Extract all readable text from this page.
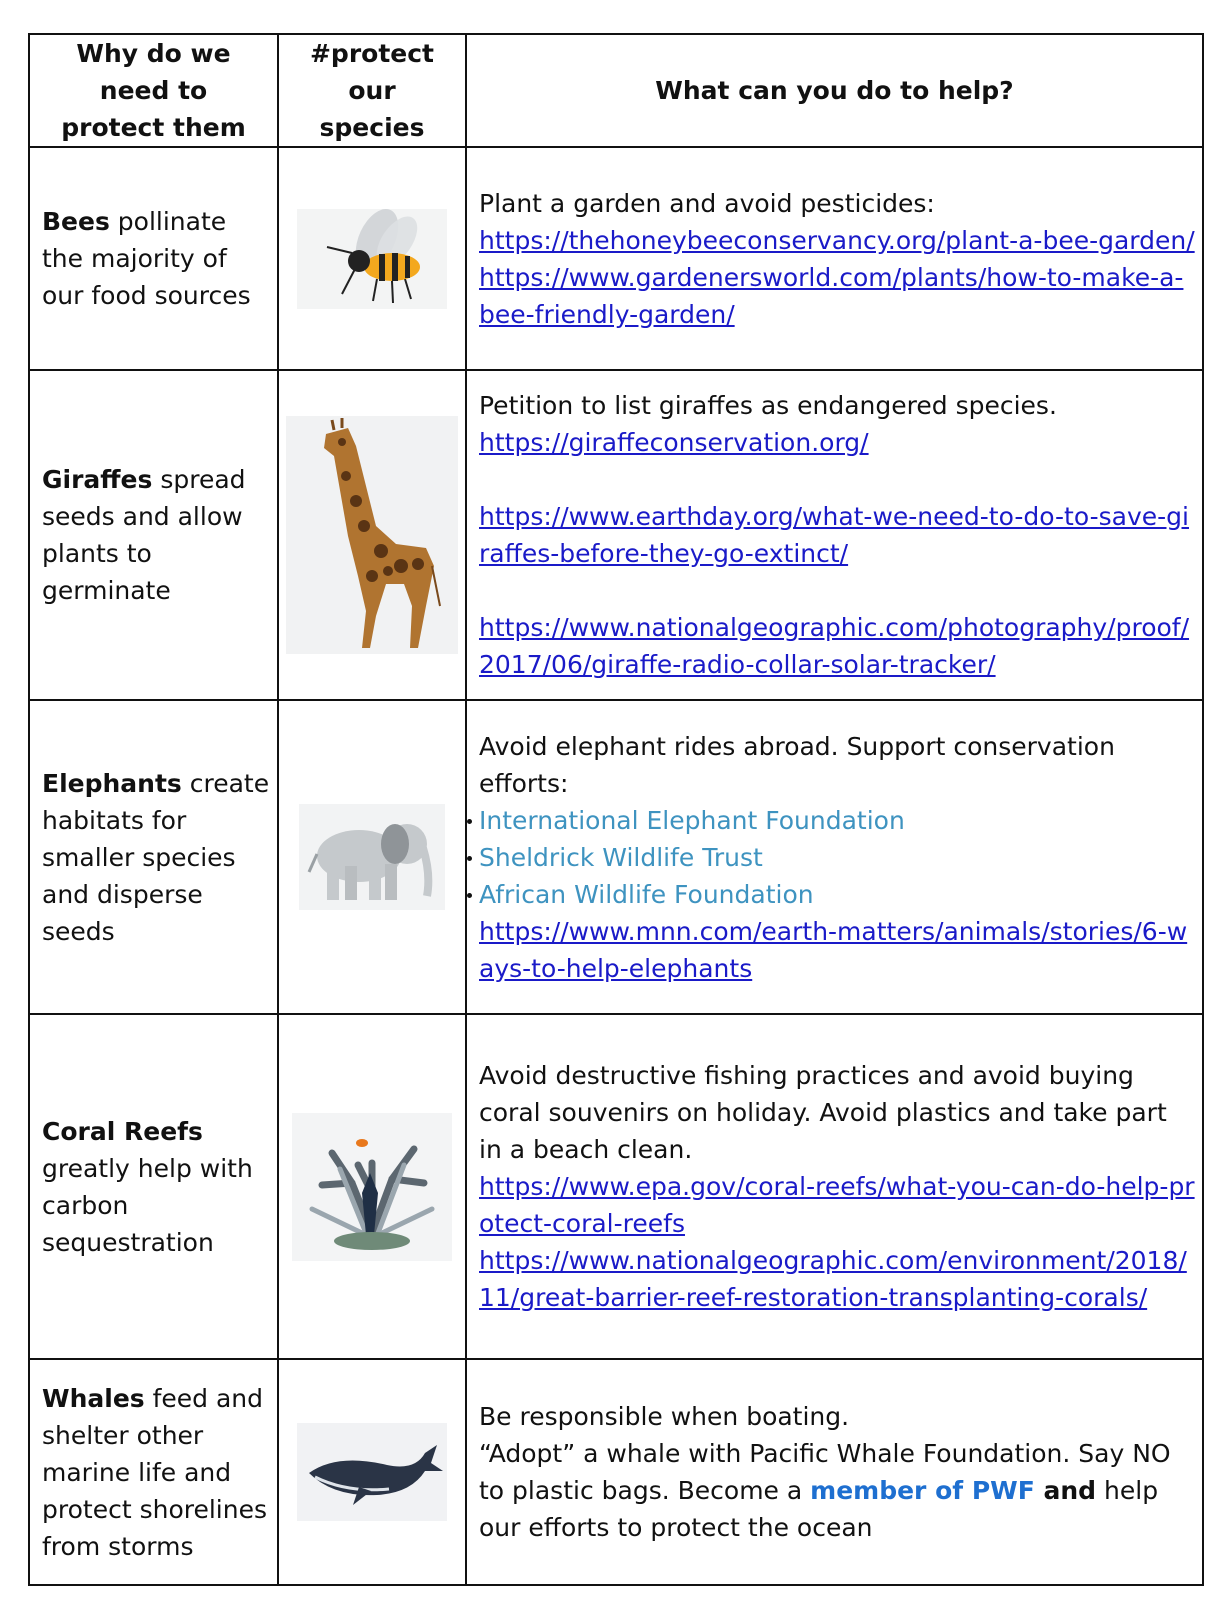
Why do we need to protect them	#protect our species	What can you do to help?
Bees pollinate the majority of our food sources		Plant a garden and avoid pesticides:
https://thehoneybeeconservancy.org/plant-a-bee-garden/
https://www.gardenersworld.com/plants/how-to-make-a-bee-friendly-garden/

Giraffes spread seeds and allow plants to germinate		Petition to list giraffes as endangered species.
https://giraffeconservation.org/
https://www.earthday.org/what-we-need-to-do-to-save-giraffes-before-they-go-extinct/
https://www.nationalgeographic.com/photography/proof/2017/06/giraffe-radio-collar-solar-tracker/

Elephants create habitats for smaller species and disperse seeds		Avoid elephant rides abroad. Support conservation efforts:
International Elephant Foundation
Sheldrick Wildlife Trust
African Wildlife Foundation
https://www.mnn.com/earth-matters/animals/stories/6-ways-to-help-elephants

Coral Reefs greatly help with carbon sequestration		Avoid destructive fishing practices and avoid buying coral souvenirs on holiday. Avoid plastics and take part in a beach clean.
https://www.epa.gov/coral-reefs/what-you-can-do-help-protect-coral-reefs
https://www.nationalgeographic.com/environment/2018/11/great-barrier-reef-restoration-transplanting-corals/

Whales feed and shelter other marine life and protect shorelines from storms		Be responsible when boating.
“Adopt” a whale with Pacific Whale Foundation. Say NO to plastic bags. Become a member of PWF and help our efforts to protect the ocean
